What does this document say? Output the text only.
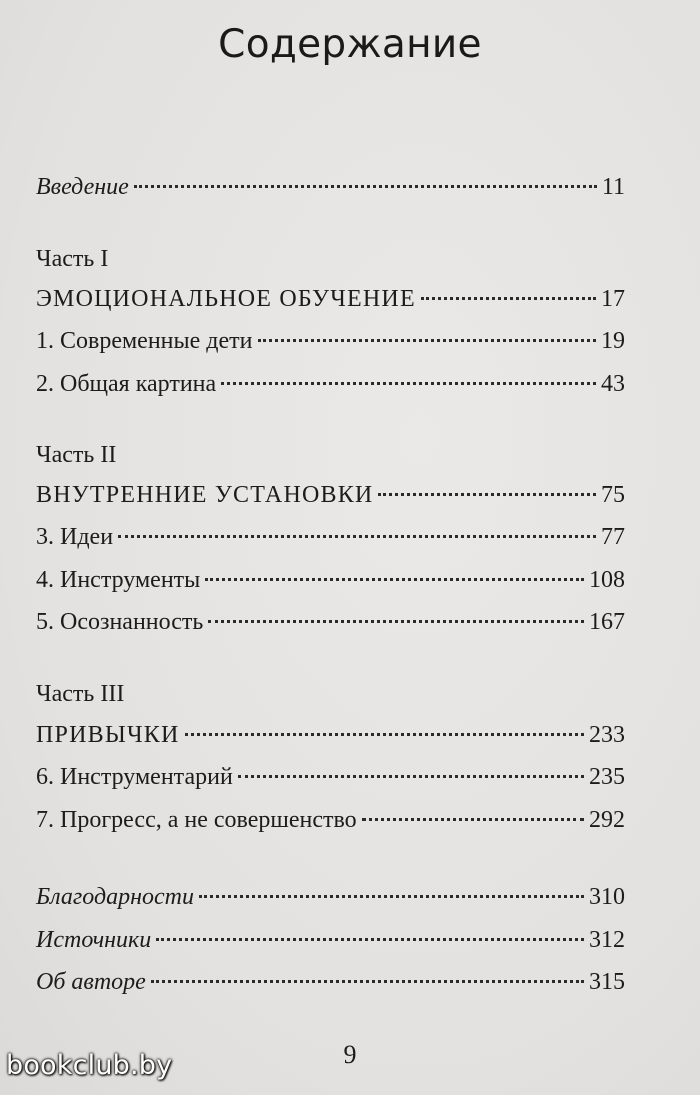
Содержание
Введение	11
Часть I
ЭМОЦИОНАЛЬНОЕ ОБУЧЕНИЕ	17
1. Современные дети	19
2. Общая картина	43
Часть II
ВНУТРЕННИЕ УСТАНОВКИ	75
3. Идеи	77
4. Инструменты	108
5. Осознанность	167
Часть III
ПРИВЫЧКИ	233
6. Инструментарий	235
7. Прогресс, а не совершенство	292
Благодарности	310
Источники	312
Об авторе	315
9
bookclub.by
